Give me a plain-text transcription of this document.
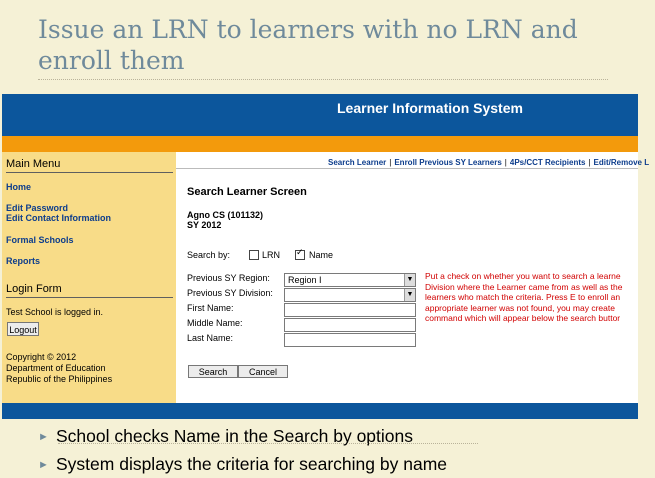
Issue an LRN to learners with no LRN and enroll them
Learner Information System
Main Menu
Home
Edit Password
Edit Contact Information
Formal Schools
Reports
Login Form
Test School is logged in.
Logout
Copyright © 2012
Department of Education
Republic of the Philippines
Search Learner | Enroll Previous SY Learners | 4Ps/CCT Recipients | Edit/Remove L
Search Learner Screen
Agno CS (101132)
SY 2012
Search by:	LRN
✓	Name
Previous SY Region: Region I	▼
Previous SY Division:	▼
First Name:
Middle Name:
Last Name:
Put a check on whether you want to search a learne
Division where the Learner came from as well as the
learners who match the criteria. Press E to enroll an
appropriate learner was not found, you may create
command which will appear below the search buttor
Search	Cancel
► School checks Name in the Search by options
► System displays the criteria for searching by name
